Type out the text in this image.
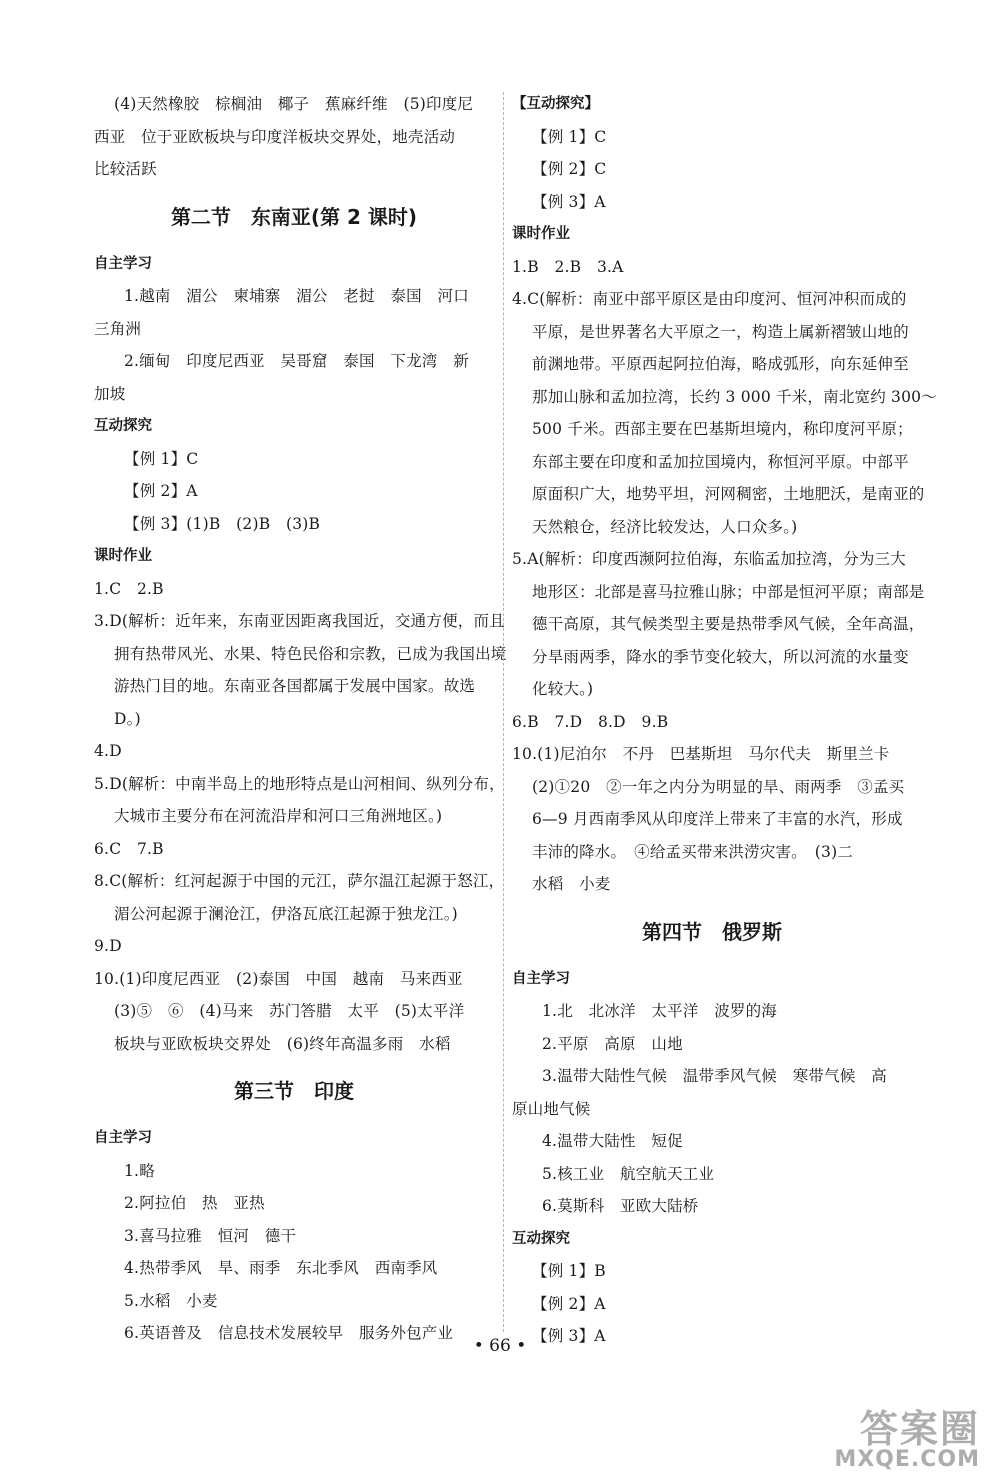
(4)天然橡胶　棕榈油　椰子　蕉麻纤维　(5)印度尼
西亚　位于亚欧板块与印度洋板块交界处，地壳活动
比较活跃
第二节　东南亚(第 2 课时)
自主学习
1.越南　湄公　柬埔寨　湄公　老挝　泰国　河口
三角洲
2.缅甸　印度尼西亚　吴哥窟　泰国　下龙湾　新
加坡
互动探究
【例 1】C
【例 2】A
【例 3】(1)B　(2)B　(3)B
课时作业
1.C　2.B
3.D(解析：近年来，东南亚因距离我国近，交通方便，而且
拥有热带风光、水果、特色民俗和宗教，已成为我国出境
游热门目的地。东南亚各国都属于发展中国家。故选
D。)
4.D
5.D(解析：中南半岛上的地形特点是山河相间、纵列分布，
大城市主要分布在河流沿岸和河口三角洲地区。)
6.C　7.B
8.C(解析：红河起源于中国的元江，萨尔温江起源于怒江，
湄公河起源于澜沧江，伊洛瓦底江起源于独龙江。)
9.D
10.(1)印度尼西亚　(2)泰国　中国　越南　马来西亚
(3)⑤　⑥　(4)马来　苏门答腊　太平　(5)太平洋
板块与亚欧板块交界处　(6)终年高温多雨　水稻
第三节　印度
自主学习
1.略
2.阿拉伯　热　亚热
3.喜马拉雅　恒河　德干
4.热带季风　旱、雨季　东北季风　西南季风
5.水稻　小麦
6.英语普及　信息技术发展较早　服务外包产业
【互动探究】
【例 1】C
【例 2】C
【例 3】A
课时作业
1.B　2.B　3.A
4.C(解析：南亚中部平原区是由印度河、恒河冲积而成的
平原，是世界著名大平原之一，构造上属新褶皱山地的
前渊地带。平原西起阿拉伯海，略成弧形，向东延伸至
那加山脉和孟加拉湾，长约 3 000 千米，南北宽约 300～
500 千米。西部主要在巴基斯坦境内，称印度河平原；
东部主要在印度和孟加拉国境内，称恒河平原。中部平
原面积广大，地势平坦，河网稠密，土地肥沃，是南亚的
天然粮仓，经济比较发达，人口众多。)
5.A(解析：印度西濒阿拉伯海，东临孟加拉湾，分为三大
地形区：北部是喜马拉雅山脉；中部是恒河平原；南部是
德干高原，其气候类型主要是热带季风气候，全年高温，
分旱雨两季，降水的季节变化较大，所以河流的水量变
化较大。)
6.B　7.D　8.D　9.B
10.(1)尼泊尔　不丹　巴基斯坦　马尔代夫　斯里兰卡
(2)①20　②一年之内分为明显的旱、雨两季　③孟买
6—9 月西南季风从印度洋上带来了丰富的水汽，形成
丰沛的降水。　④给孟买带来洪涝灾害。　(3)二
水稻　小麦
第四节　俄罗斯
自主学习
1.北　北冰洋　太平洋　波罗的海
2.平原　高原　山地
3.温带大陆性气候　温带季风气候　寒带气候　高
原山地气候
4.温带大陆性　短促
5.核工业　航空航天工业
6.莫斯科　亚欧大陆桥
互动探究
【例 1】B
【例 2】A
【例 3】A
• 66 •
答案圈
MXQE.COM
